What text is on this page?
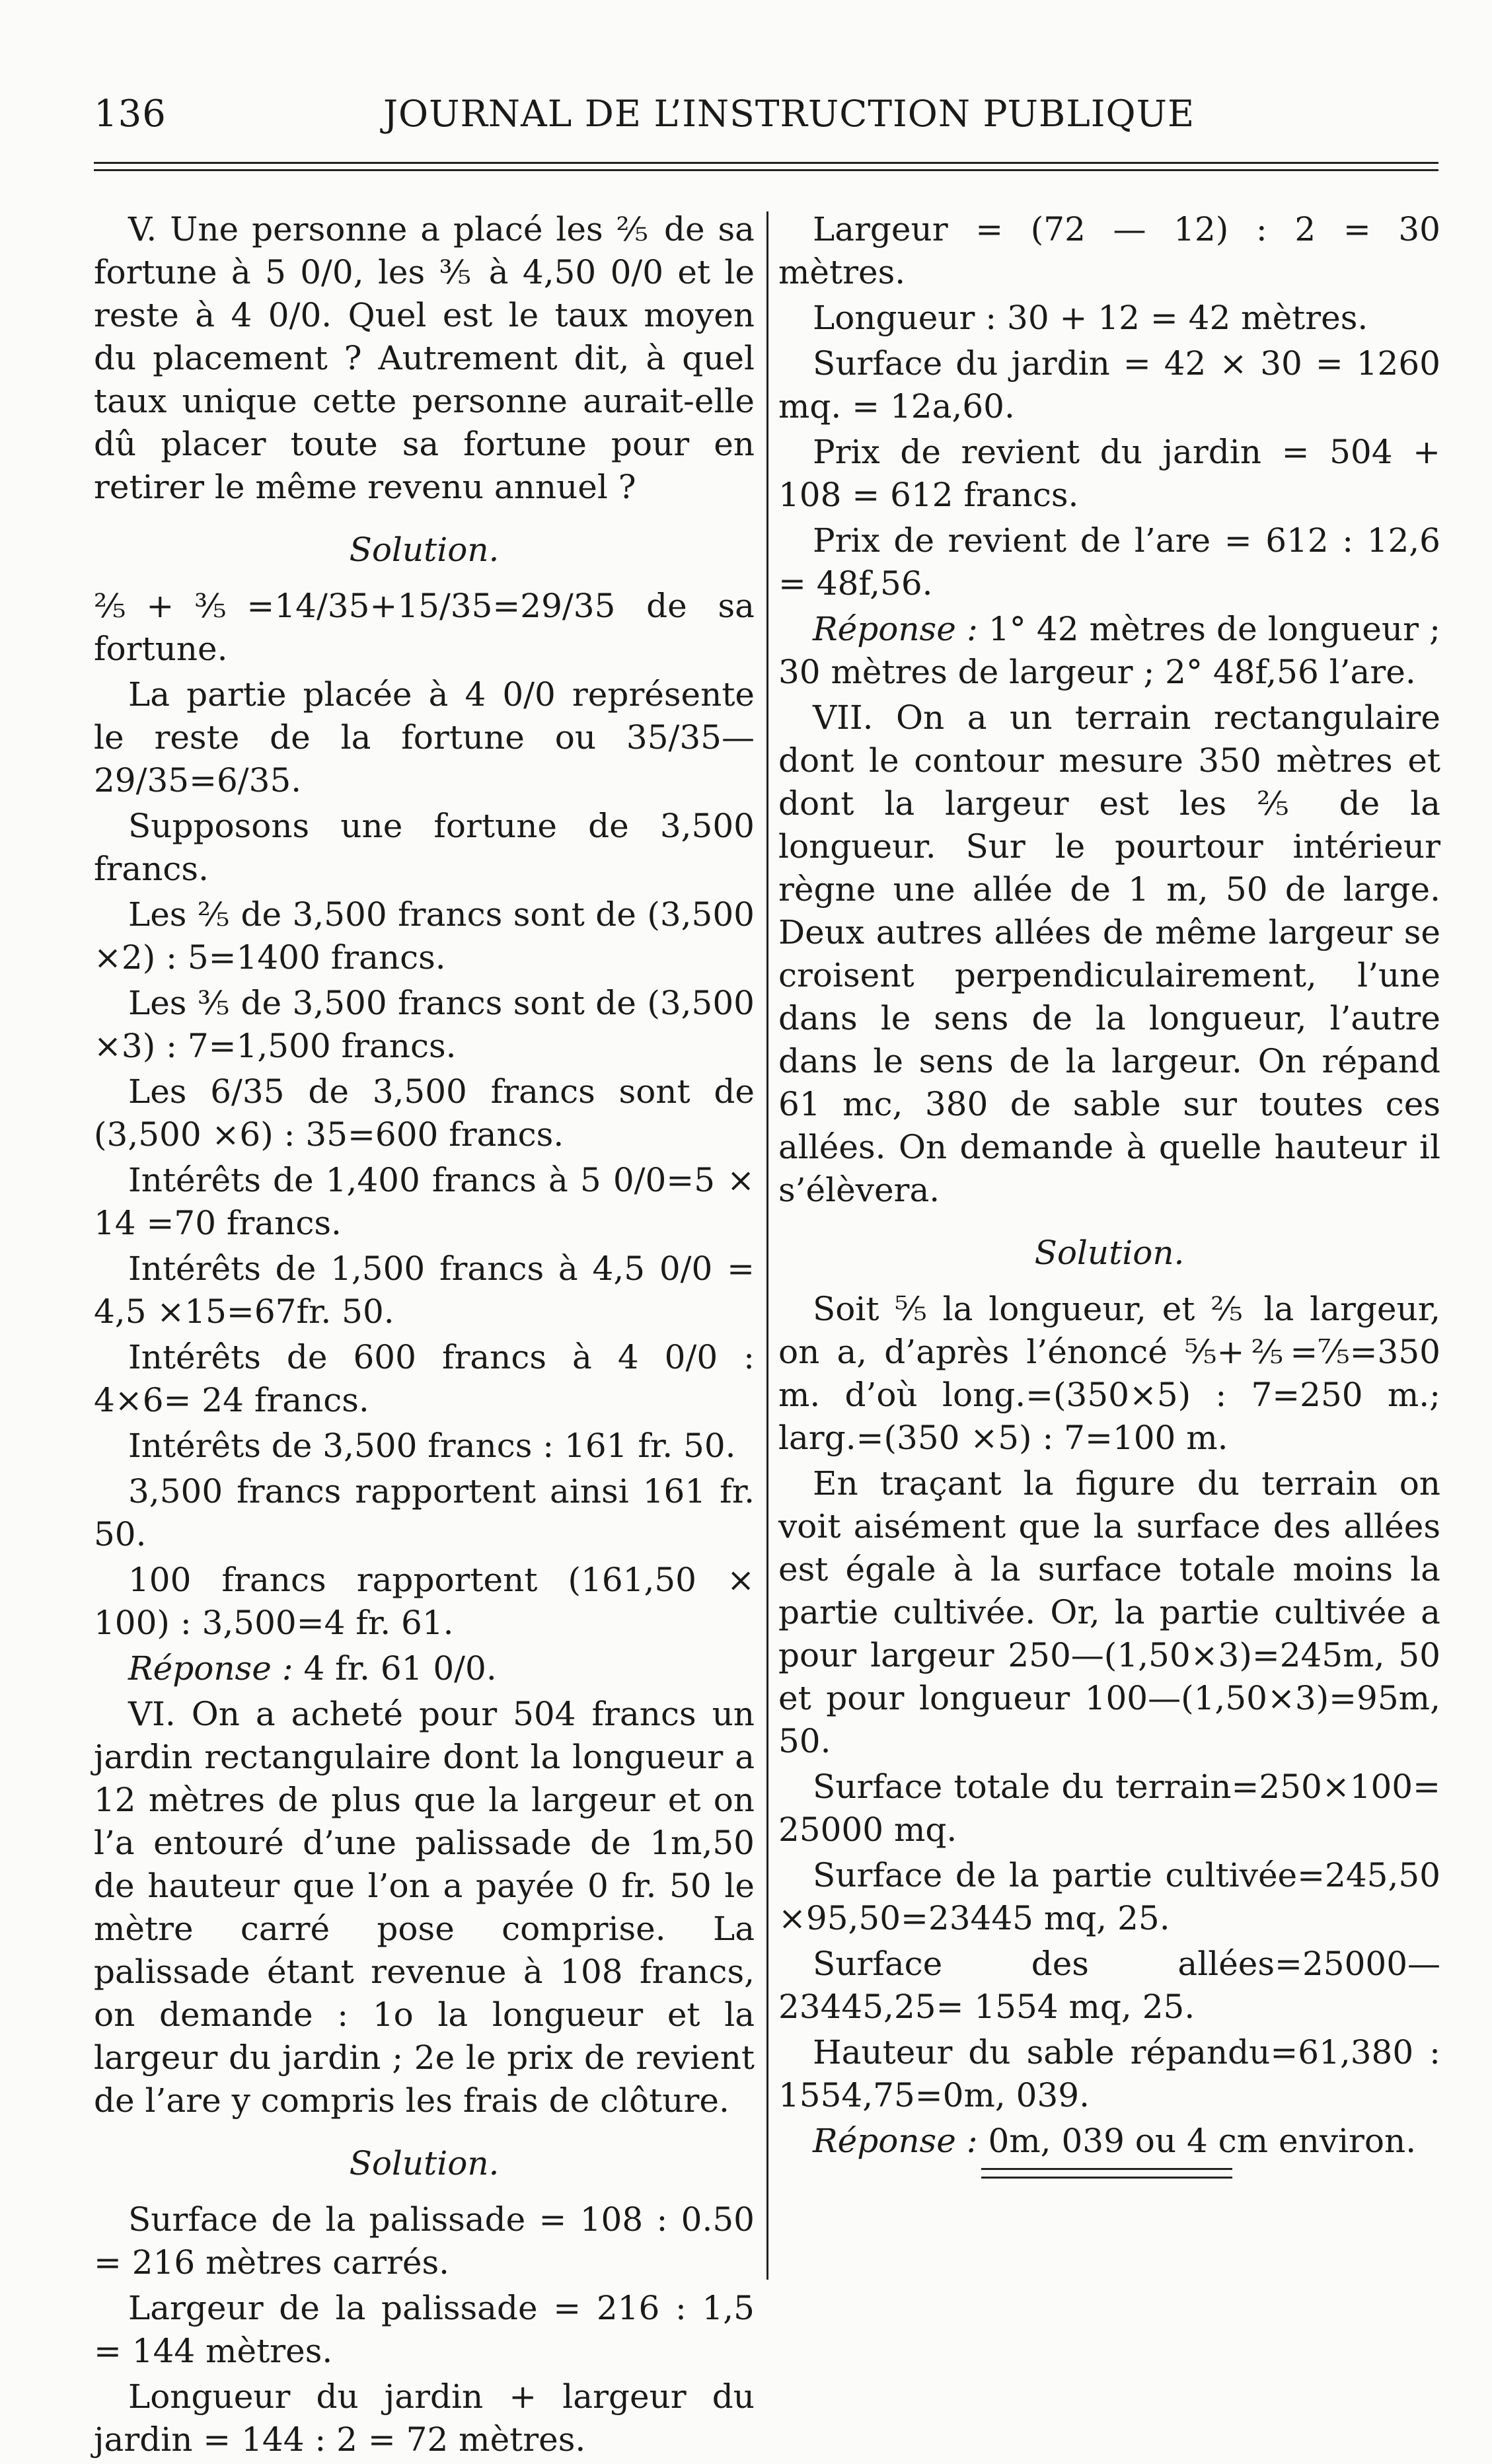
136	JOURNAL DE L’INSTRUCTION PUBLIQUE

V. Une personne a placé les ⅖ de sa fortune à 5 0/0, les ⅗ à 4,50 0/0 et le reste à 4 0/0. Quel est le taux moyen du placement ? Autrement dit, à quel taux unique cette personne aurait-elle dû placer toute sa fortune pour en retirer le même revenu annuel ?

Solution.

⅖+⅗=14/35+15/35=29/35 de sa fortune.

La partie placée à 4 0/0 représente le reste de la fortune ou 35/35—29/35=6/35.

Supposons une fortune de 3,500 francs.

Les ⅖ de 3,500 francs sont de (3,500 ×2) : 5=1400 francs.

Les ⅗ de 3,500 francs sont de (3,500 ×3) : 7=1,500 francs.

Les 6/35 de 3,500 francs sont de (3,500 ×6) : 35=600 francs.

Intérêts de 1,400 francs à 5 0/0=5 × 14 =70 francs.

Intérêts de 1,500 francs à 4,5 0/0 = 4,5 ×15=67fr. 50.

Intérêts de 600 francs à 4 0/0 : 4×6= 24 francs.

Intérêts de 3,500 francs : 161 fr. 50.

3,500 francs rapportent ainsi 161 fr. 50.

100 francs rapportent (161,50 × 100) : 3,500=4 fr. 61.

Réponse : 4 fr. 61 0/0.

VI. On a acheté pour 504 francs un jardin rectangulaire dont la longueur a 12 mètres de plus que la largeur et on l’a entouré d’une palissade de 1m,50 de hauteur que l’on a payée 0 fr. 50 le mètre carré pose comprise. La palissade étant revenue à 108 francs, on demande : 1o la longueur et la largeur du jardin ; 2e le prix de revient de l’are y compris les frais de clôture.

Solution.

Surface de la palissade = 108 : 0.50 = 216 mètres carrés.

Largeur de la palissade = 216 : 1,5 = 144 mètres.

Longueur du jardin + largeur du jardin = 144 : 2 = 72 mètres.

Largeur = (72 — 12) : 2 = 30 mètres.

Longueur : 30 + 12 = 42 mètres.

Surface du jardin = 42 × 30 = 1260 mq. = 12a,60.

Prix de revient du jardin = 504 + 108 = 612 francs.

Prix de revient de l’are = 612 : 12,6 = 48f,56.

Réponse : 1° 42 mètres de longueur ; 30 mètres de largeur ; 2° 48f,56 l’are.

VII. On a un terrain rectangulaire dont le contour mesure 350 mètres et dont la largeur est les ⅖ de la longueur. Sur le pourtour intérieur règne une allée de 1 m, 50 de large. Deux autres allées de même largeur se croisent perpendiculairement, l’une dans le sens de la longueur, l’autre dans le sens de la largeur. On répand 61 mc, 380 de sable sur toutes ces allées. On demande à quelle hauteur il s’élèvera.

Solution.

Soit ⁵⁄₅ la longueur, et ⅖ la largeur, on a, d’après l’énoncé ⁵⁄₅+⅖=⁷⁄₅=350 m. d’où long.=(350×5) : 7=250 m.; larg.=(350 ×5) : 7=100 m.

En traçant la figure du terrain on voit aisément que la surface des allées est égale à la surface totale moins la partie cultivée. Or, la partie cultivée a pour largeur 250—(1,50×3)=245m, 50 et pour longueur 100—(1,50×3)=95m, 50.

Surface totale du terrain=250×100= 25000 mq.

Surface de la partie cultivée=245,50 ×95,50=23445 mq, 25.

Surface des allées=25000—23445,25= 1554 mq, 25.

Hauteur du sable répandu=61,380 : 1554,75=0m, 039.

Réponse : 0m, 039 ou 4 cm environ.
